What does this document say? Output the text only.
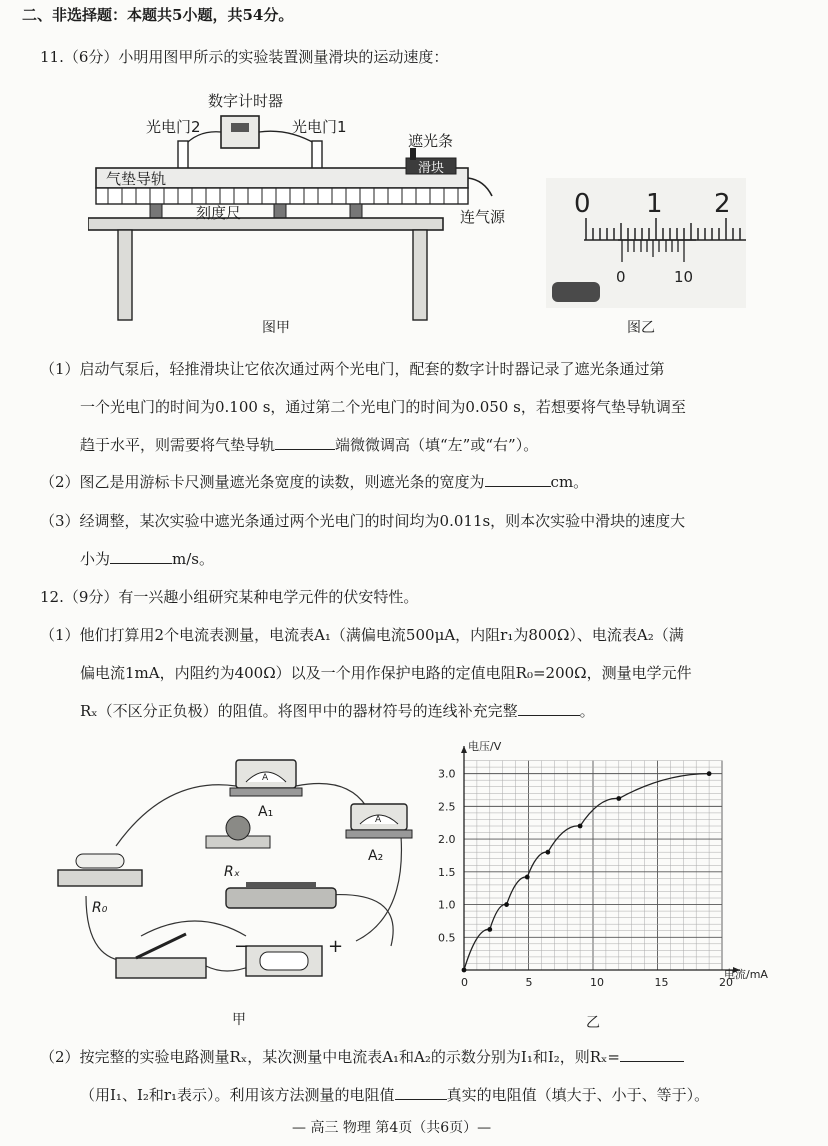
二、非选择题：本题共5小题，共54分。
11.（6分）小明用图甲所示的实验装置测量滑块的运动速度：
数字计时器
光电门2	光电门1
遮光条
滑块
气垫导轨
刻度尺	连气源	0 1 2
0	10
图甲	图乙
（1）启动气泵后，轻推滑块让它依次通过两个光电门，配套的数字计时器记录了遮光条通过第
一个光电门的时间为0.100 s，通过第二个光电门的时间为0.050 s，若想要将气垫导轨调至
趋于水平，则需要将气垫导轨	端微微调高（填“左”或“右”）。
（2）图乙是用游标卡尺测量遮光条宽度的读数，则遮光条的宽度为	cm。
（3）经调整，某次实验中遮光条通过两个光电门的时间均为0.011s，则本次实验中滑块的速度大
小为	m/s。
12.（9分）有一兴趣小组研究某种电学元件的伏安特性。
（1）他们打算用2个电流表测量，电流表A₁（满偏电流500μA，内阻r₁为800Ω）、电流表A₂（满
偏电流1mA，内阻约为400Ω）以及一个用作保护电路的定值电阻R₀=200Ω，测量电学元件
Rₓ（不区分正负极）的阻值。将图甲中的器材符号的连线补充完整	。
A
A₁	A
A₂
Rₓ
R₀
−	+
0	5	10	15	20
0.5
1.0
1.5
2.0
2.5
3.0
电压/V
电流/mA
甲	乙
（2）按完整的实验电路测量Rₓ，某次测量中电流表A₁和A₂的示数分别为I₁和I₂，则Rₓ=
（用I₁、I₂和r₁表示）。利用该方法测量的电阻值	真实的电阻值（填大于、小于、等于）。
— 高三 物理 第4页（共6页）—
